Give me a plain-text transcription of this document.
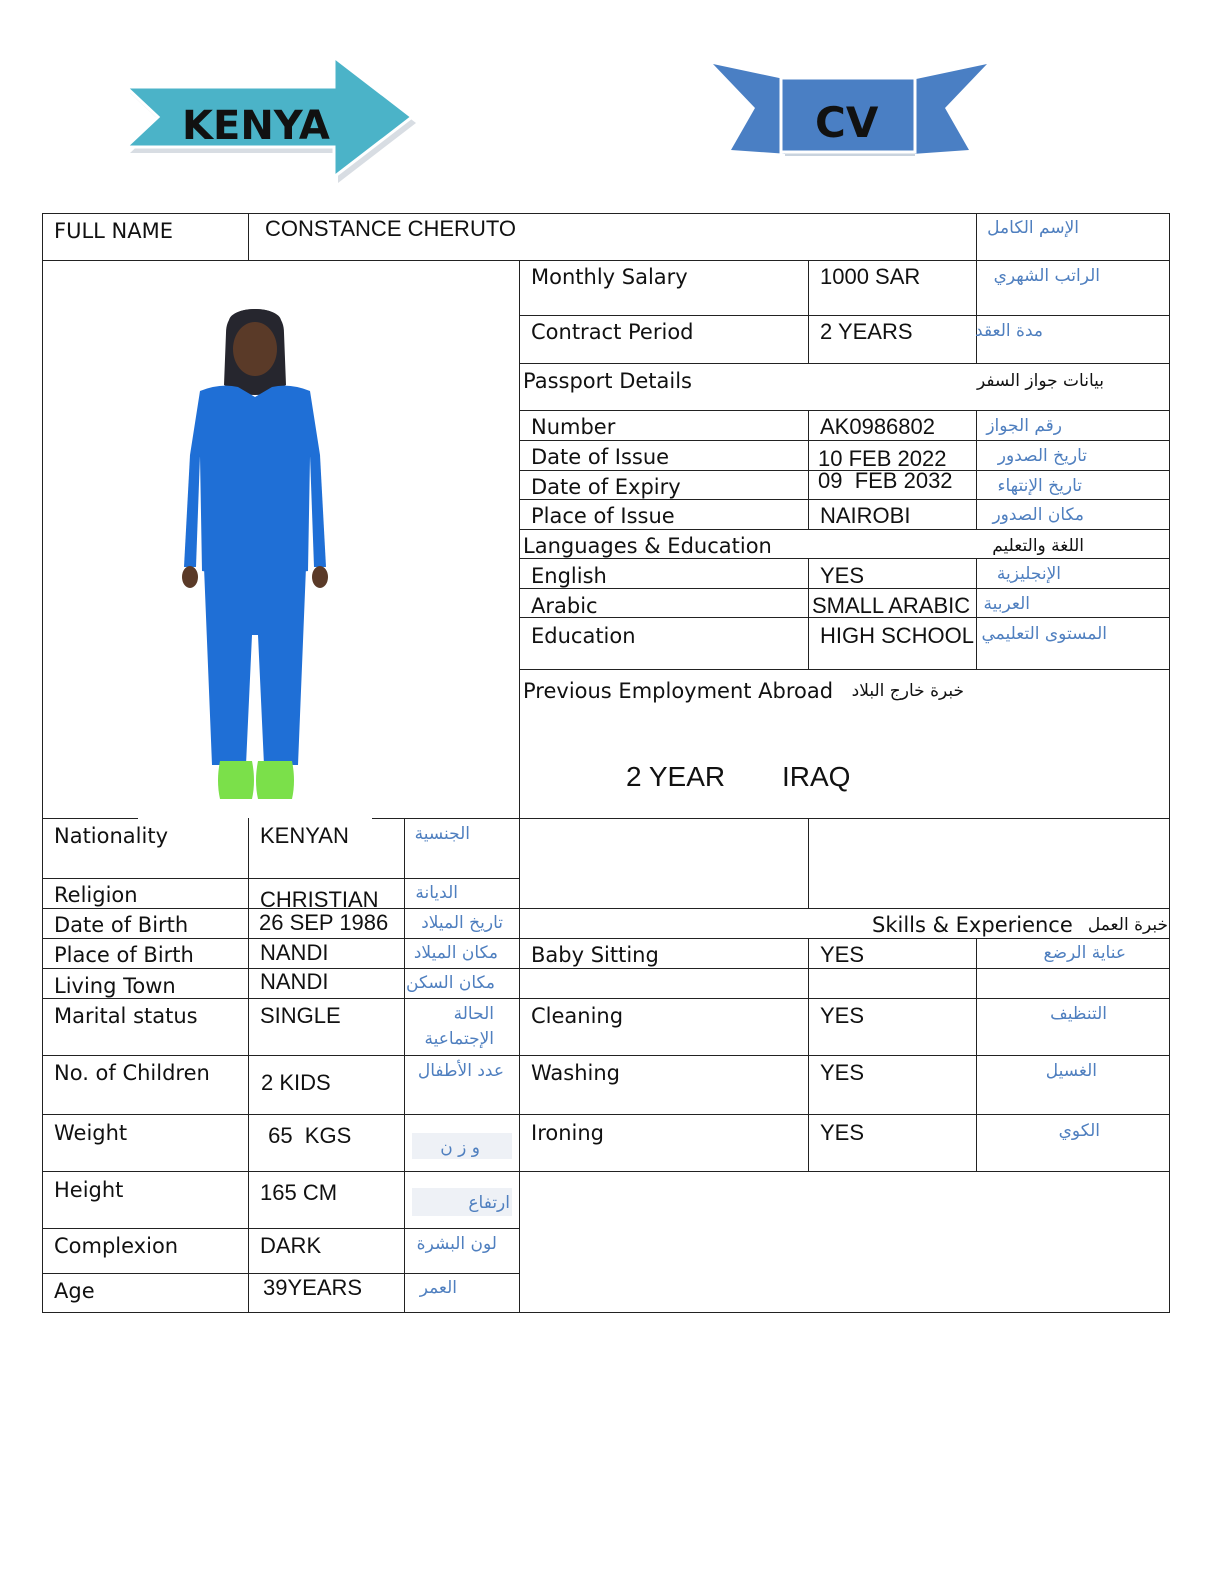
KENYA	CV
FULL NAME	CONSTANCE CHERUTO	الإسم الكامل
Monthly Salary	1000 SAR	الراتب الشهري
Contract Period	2 YEARS	مدة العقد
Passport Details	بيانات جواز السفر
Number	AK0986802	رقم الجواز
Date of Issue	10 FEB 2022	تاريخ الصدور
Date of Expiry	09  FEB 2032	تاريخ الإنتهاء
Place of Issue	NAIROBI	مكان الصدور
Languages & Education	اللغة والتعليم
English	YES	الإنجليزية
Arabic	SMALL ARABIC العربية
Education	HIGH SCHOOL المستوى التعليمي
Previous Employment Abroad خبرة خارج البلاد
2 YEAR IRAQ
Nationality	KENYAN	الجنسية
Religion	CHRISTIAN الديانة
Date of Birth	26 SEP 1986 تاريخ الميلاد
Place of Birth	NANDI	مكان الميلاد
Living Town	NANDI	مكان السكن
Marital status	SINGLE	الحالة الإجتماعية
No. of Children 2 KIDS	عدد الأطفال
Weight	65  KGS	و ز ن
Height	165 CM	ارتفاع
Complexion	DARK	لون البشرة
Age	39YEARS	العمر
Skills & Experience خبرة العمل
Baby Sitting	YES	عناية الرضع
Cleaning	YES	التنظيف
Washing	YES	الغسيل
Ironing	YES	الكوي
